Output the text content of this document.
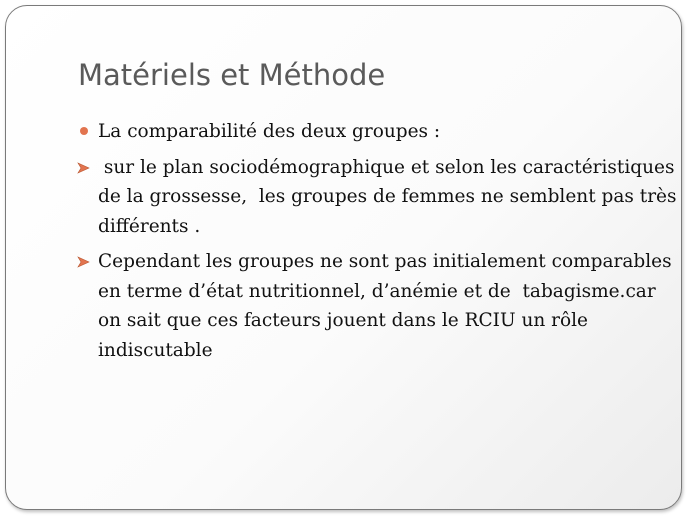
Matériels et Méthode
La comparabilité des deux groupes :
sur le plan sociodémographique et selon les caractéristiques
de la grossesse,  les groupes de femmes ne semblent pas très
différents .
Cependant les groupes ne sont pas initialement comparables
en terme d’état nutritionnel, d’anémie et de  tabagisme.car
on sait que ces facteurs jouent dans le RCIU un rôle
indiscutable
